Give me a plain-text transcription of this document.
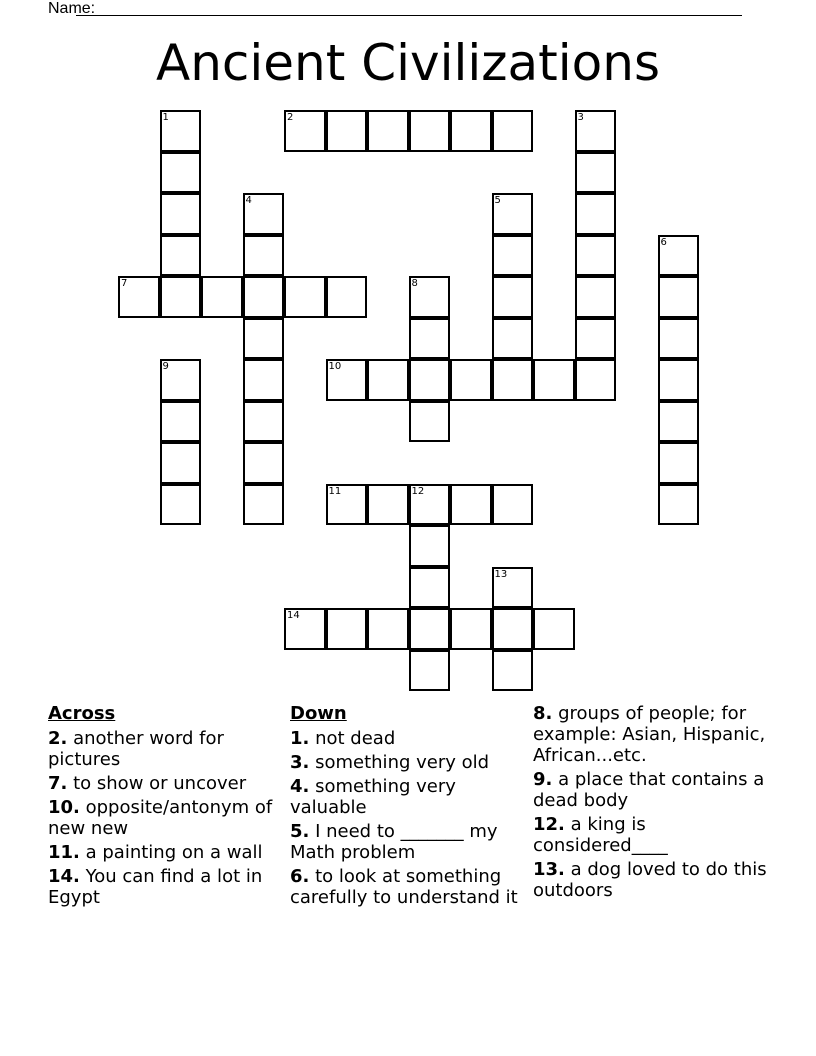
Name:
Ancient Civilizations
1	2	3
4	5
6
7	8
9	10
11	12
13
14
Across
2. another word for pictures
7. to show or uncover
10. opposite/antonym of new new
11. a painting on a wall
14. You can find a lot in Egypt
Down
1. not dead
3. something very old
4. something very valuable
5. I need to _______ my Math problem
6. to look at something carefully to understand it
8. groups of people; for example: Asian, Hispanic, African...etc.
9. a place that contains a dead body
12. a king is considered____
13. a dog loved to do this outdoors
